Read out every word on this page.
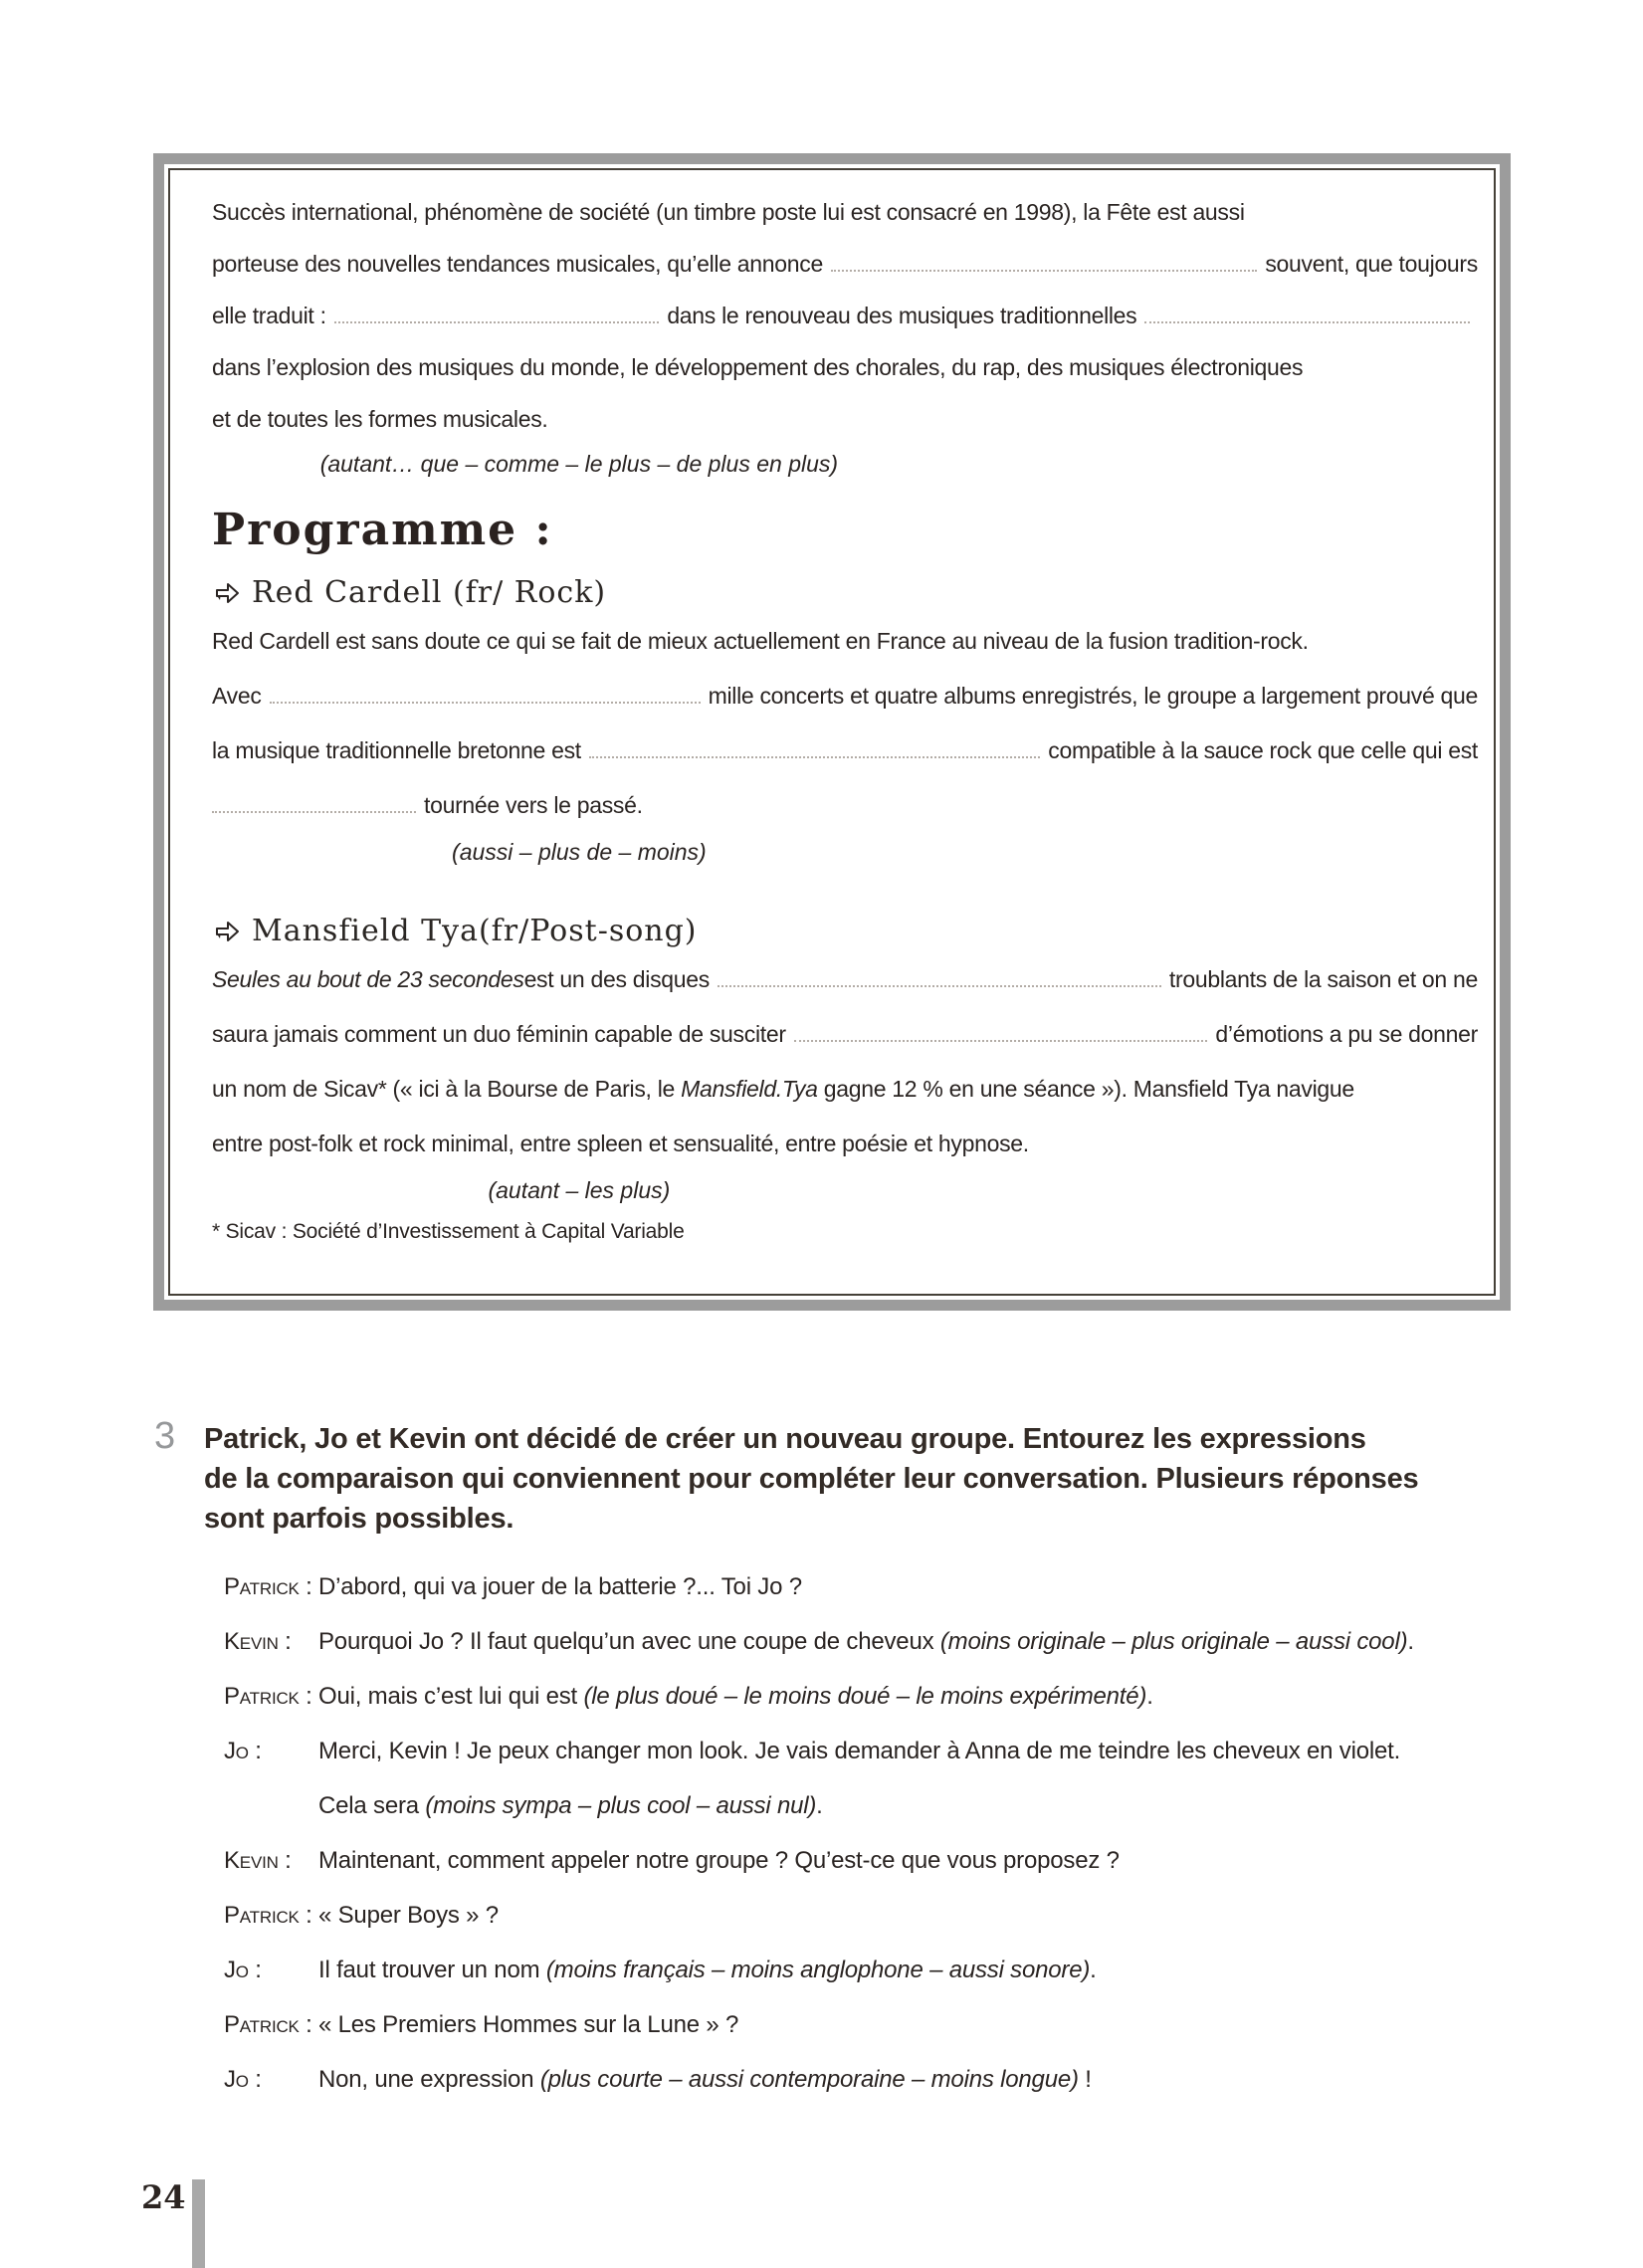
Succès international, phénomène de société (un timbre poste lui est consacré en 1998), la Fête est aussi
porteuse des nouvelles tendances musicales, qu’elle annonce	souvent, que toujours
elle traduit :	dans le renouveau des musiques traditionnelles
dans l’explosion des musiques du monde, le développement des chorales, du rap, des musiques électroniques
et de toutes les formes musicales.
(autant… que – comme – le plus – de plus en plus)
Programme :
Red Cardell (fr/ Rock)
Red Cardell est sans doute ce qui se fait de mieux actuellement en France au niveau de la fusion tradition-rock.
Avec	mille concerts et quatre albums enregistrés, le groupe a largement prouvé que
la musique traditionnelle bretonne est	compatible à la sauce rock que celle qui est
tournée vers le passé.
(aussi – plus de – moins)
Mansfield Tya(fr/Post-song)
Seules au bout de 23 secondes est un des disques	troublants de la saison et on ne
saura jamais comment un duo féminin capable de susciter	d’émotions a pu se donner
un nom de Sicav* (« ici à la Bourse de Paris, le Mansfield.Tya gagne 12 % en une séance »). Mansfield Tya navigue
entre post-folk et rock minimal, entre spleen et sensualité, entre poésie et hypnose.
(autant – les plus)
* Sicav : Société d’Investissement à Capital Variable
3 Patrick, Jo et Kevin ont décidé de créer un nouveau groupe. Entourez les expressions
de la comparaison qui conviennent pour compléter leur conversation. Plusieurs réponses
sont parfois possibles.
Patrick : D’abord, qui va jouer de la batterie ?... Toi Jo ?
Kevin :	Pourquoi Jo ? Il faut quelqu’un avec une coupe de cheveux (moins originale – plus originale – aussi cool).
Patrick : Oui, mais c’est lui qui est (le plus doué – le moins doué – le moins expérimenté).
Jo :	Merci, Kevin ! Je peux changer mon look. Je vais demander à Anna de me teindre les cheveux en violet.
Cela sera (moins sympa – plus cool – aussi nul).
Kevin :	Maintenant, comment appeler notre groupe ? Qu’est-ce que vous proposez ?
Patrick : « Super Boys » ?
Jo :	Il faut trouver un nom (moins français – moins anglophone – aussi sonore).
Patrick : « Les Premiers Hommes sur la Lune » ?
Jo :	Non, une expression (plus courte – aussi contemporaine – moins longue) !
24
